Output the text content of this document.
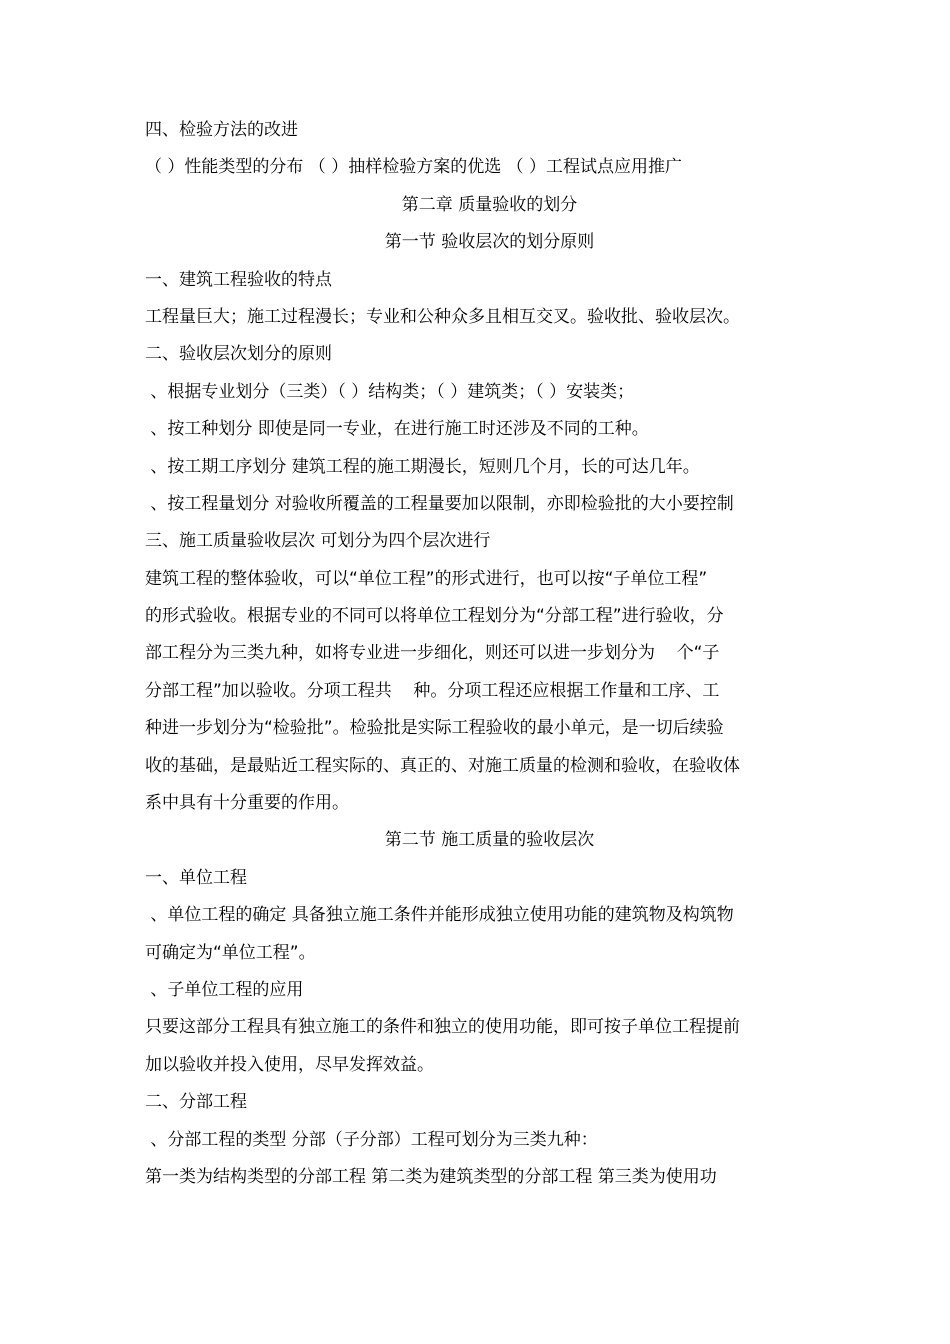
四、检验方法的改进
（ ）性能类型的分布 （ ）抽样检验方案的优选 （ ）工程试点应用推广
第二章 质量验收的划分
第一节 验收层次的划分原则
一、建筑工程验收的特点
工程量巨大；施工过程漫长；专业和公种众多且相互交叉。验收批、验收层次。
二、验收层次划分的原则
、根据专业划分（三类）（ ）结构类；（ ）建筑类；（ ）安装类；
、按工种划分 即使是同一专业，在进行施工时还涉及不同的工种。
、按工期工序划分 建筑工程的施工期漫长，短则几个月，长的可达几年。
、按工程量划分 对验收所覆盖的工程量要加以限制，亦即检验批的大小要控制
三、施工质量验收层次 可划分为四个层次进行
建筑工程的整体验收，可以“单位工程”的形式进行，也可以按“子单位工程”
的形式验收。根据专业的不同可以将单位工程划分为“分部工程”进行验收，分
部工程分为三类九种，如将专业进一步细化，则还可以进一步划分为    个“子
分部工程”加以验收。分项工程共    种。分项工程还应根据工作量和工序、工
种进一步划分为“检验批”。检验批是实际工程验收的最小单元，是一切后续验
收的基础，是最贴近工程实际的、真正的、对施工质量的检测和验收，在验收体
系中具有十分重要的作用。
第二节 施工质量的验收层次
一、单位工程
、单位工程的确定 具备独立施工条件并能形成独立使用功能的建筑物及构筑物
可确定为“单位工程”。
、子单位工程的应用
只要这部分工程具有独立施工的条件和独立的使用功能，即可按子单位工程提前
加以验收并投入使用，尽早发挥效益。
二、分部工程
、分部工程的类型 分部（子分部）工程可划分为三类九种：
第一类为结构类型的分部工程 第二类为建筑类型的分部工程 第三类为使用功
